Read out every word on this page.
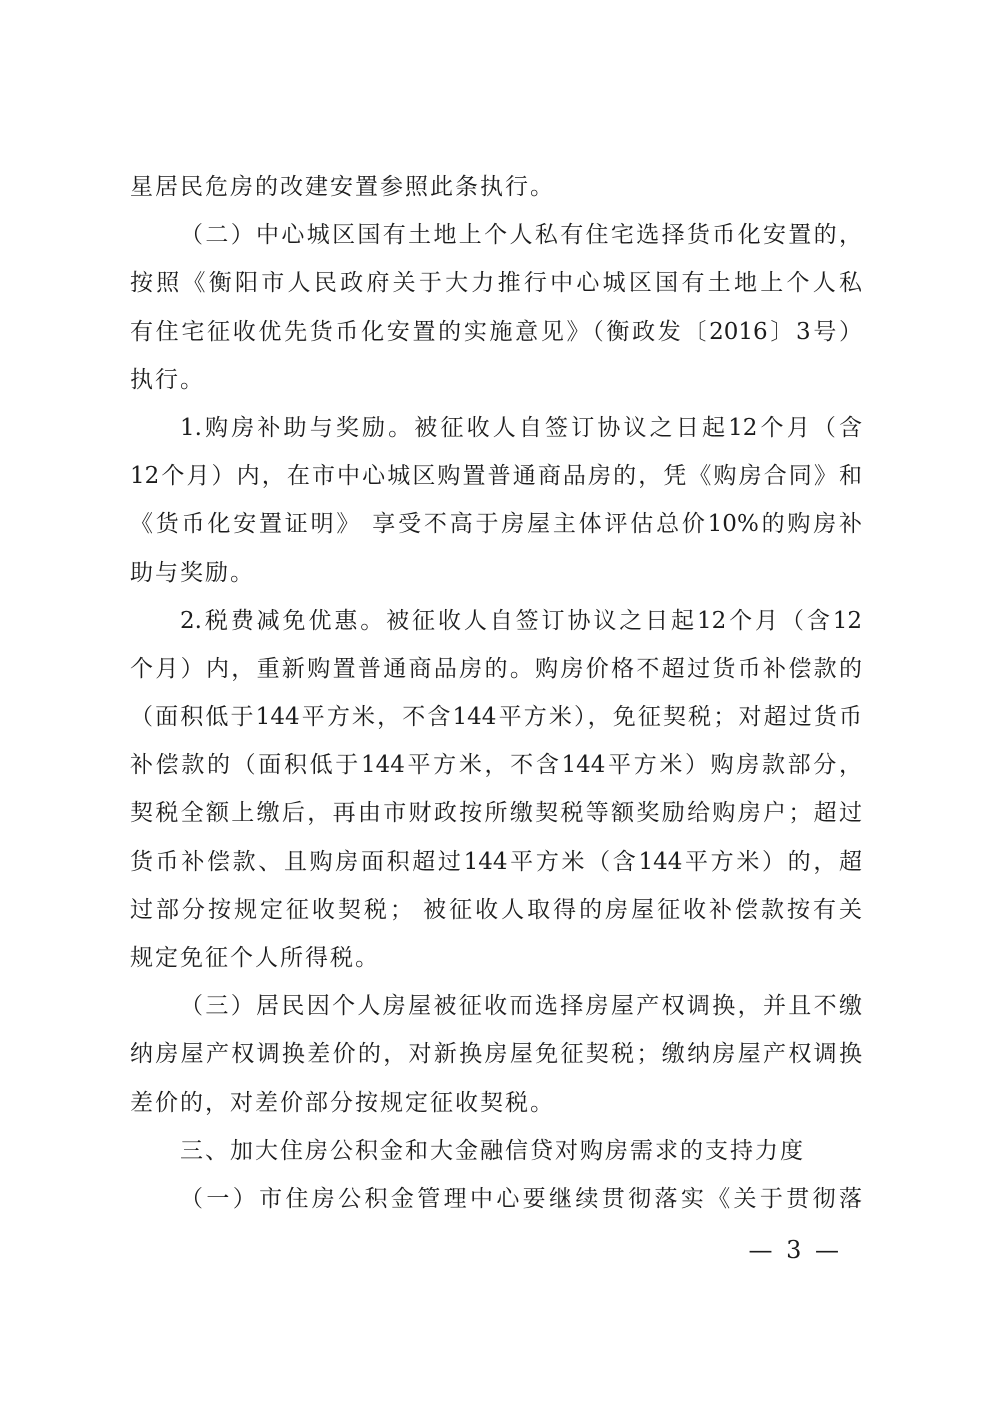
星居民危房的改建安置参照此条执行。
（二）中心城区国有土地上个人私有住宅选择货币化安置的，
按照《衡阳市人民政府关于大力推行中心城区国有土地上个人私
有住宅征收优先货币化安置的实施意见》（衡政发〔2016〕3号）
执行。
1.购房补助与奖励。被征收人自签订协议之日起12个月（含
12个月）内，在市中心城区购置普通商品房的，凭《购房合同》和
《货币化安置证明》 享受不高于房屋主体评估总价10%的购房补
助与奖励。
2.税费减免优惠。被征收人自签订协议之日起12个月（含12
个月）内，重新购置普通商品房的。购房价格不超过货币补偿款的
（面积低于144平方米，不含144平方米），免征契税；对超过货币
补偿款的（面积低于144平方米，不含144平方米）购房款部分，
契税全额上缴后，再由市财政按所缴契税等额奖励给购房户；超过
货币补偿款、且购房面积超过144平方米（含144平方米）的，超
过部分按规定征收契税； 被征收人取得的房屋征收补偿款按有关
规定免征个人所得税。
（三）居民因个人房屋被征收而选择房屋产权调换，并且不缴
纳房屋产权调换差价的，对新换房屋免征契税；缴纳房屋产权调换
差价的，对差价部分按规定征收契税。
三、加大住房公积金和大金融信贷对购房需求的支持力度
（一）市住房公积金管理中心要继续贯彻落实《关于贯彻落
— 3 —
